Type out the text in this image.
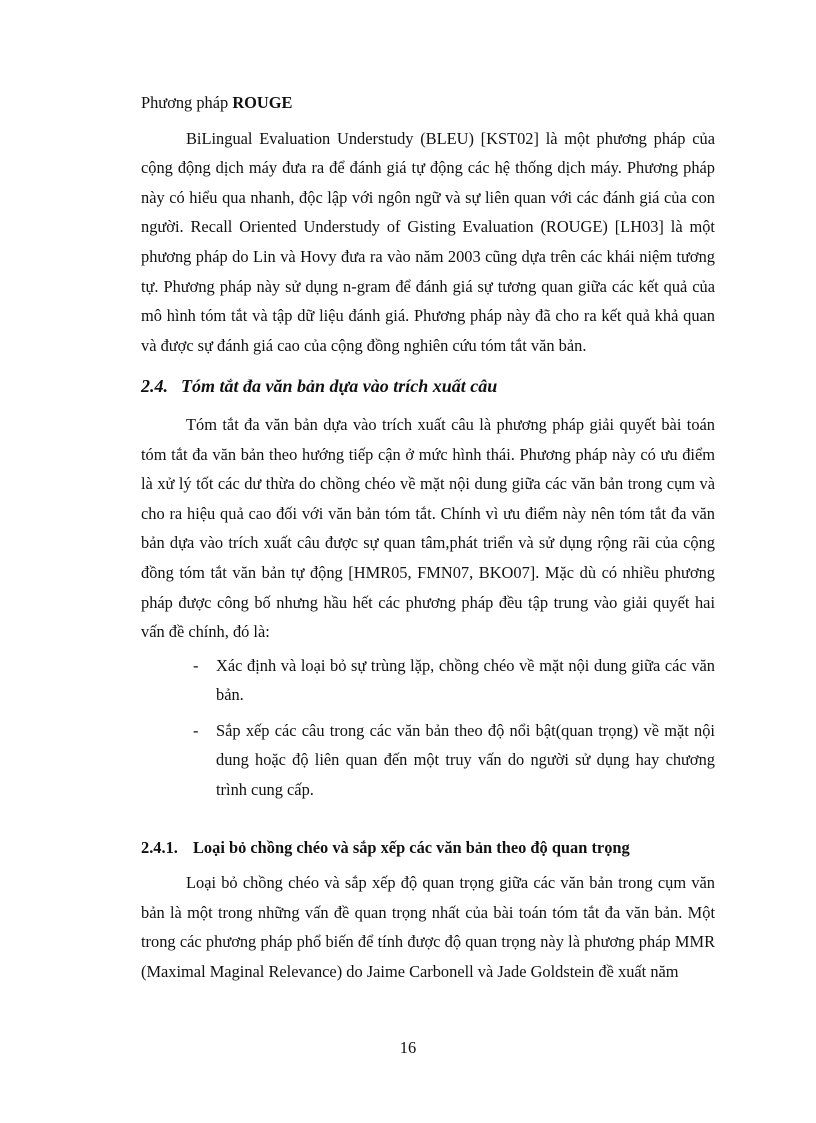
Phương pháp ROUGE

BiLingual Evaluation Understudy (BLEU) [KST02] là một phương pháp của cộng động dịch máy đưa ra để đánh giá tự động các hệ thống dịch máy. Phương pháp này có hiểu qua nhanh, độc lập với ngôn ngữ và sự liên quan với các đánh giá của con người. Recall Oriented Understudy of Gisting Evaluation (ROUGE) [LH03] là một phương pháp do Lin và Hovy đưa ra vào năm 2003 cũng dựa trên các khái niệm tương tự. Phương pháp này sử dụng n-gram để đánh giá sự tương quan giữa các kết quả của mô hình tóm tắt và tập dữ liệu đánh giá. Phương pháp này đã cho ra kết quả khả quan và được sự đánh giá cao của cộng đồng nghiên cứu tóm tắt văn bản.

2.4. Tóm tắt đa văn bản dựa vào trích xuất câu

Tóm tắt đa văn bản dựa vào trích xuất câu là phương pháp giải quyết bài toán tóm tắt đa văn bản theo hướng tiếp cận ở mức hình thái. Phương pháp này có ưu điểm là xử lý tốt các dư thừa do chồng chéo về mặt nội dung giữa các văn bản trong cụm và cho ra hiệu quả cao đối với văn bản tóm tắt. Chính vì ưu điểm này nên tóm tắt đa văn bản dựa vào trích xuất câu được sự quan tâm,phát triển và sử dụng rộng rãi của cộng đồng tóm tắt văn bản tự động [HMR05, FMN07, BKO07]. Mặc dù có nhiều phương pháp được công bố nhưng hầu hết các phương pháp đều tập trung vào giải quyết hai vấn đề chính, đó là:

- Xác định và loại bỏ sự trùng lặp, chồng chéo về mặt nội dung giữa các văn bản.
- Sắp xếp các câu trong các văn bản theo độ nổi bật(quan trọng) về mặt nội dung hoặc độ liên quan đến một truy vấn do người sử dụng hay chương trình cung cấp.
2.4.1. Loại bỏ chồng chéo và sắp xếp các văn bản theo độ quan trọng

Loại bỏ chồng chéo và sắp xếp độ quan trọng giữa các văn bản trong cụm văn bản là một trong những vấn đề quan trọng nhất của bài toán tóm tắt đa văn bản. Một trong các phương pháp phổ biến để tính được độ quan trọng này là phương pháp MMR (Maximal Maginal Relevance) do Jaime Carbonell và Jade Goldstein đề xuất năm

16
